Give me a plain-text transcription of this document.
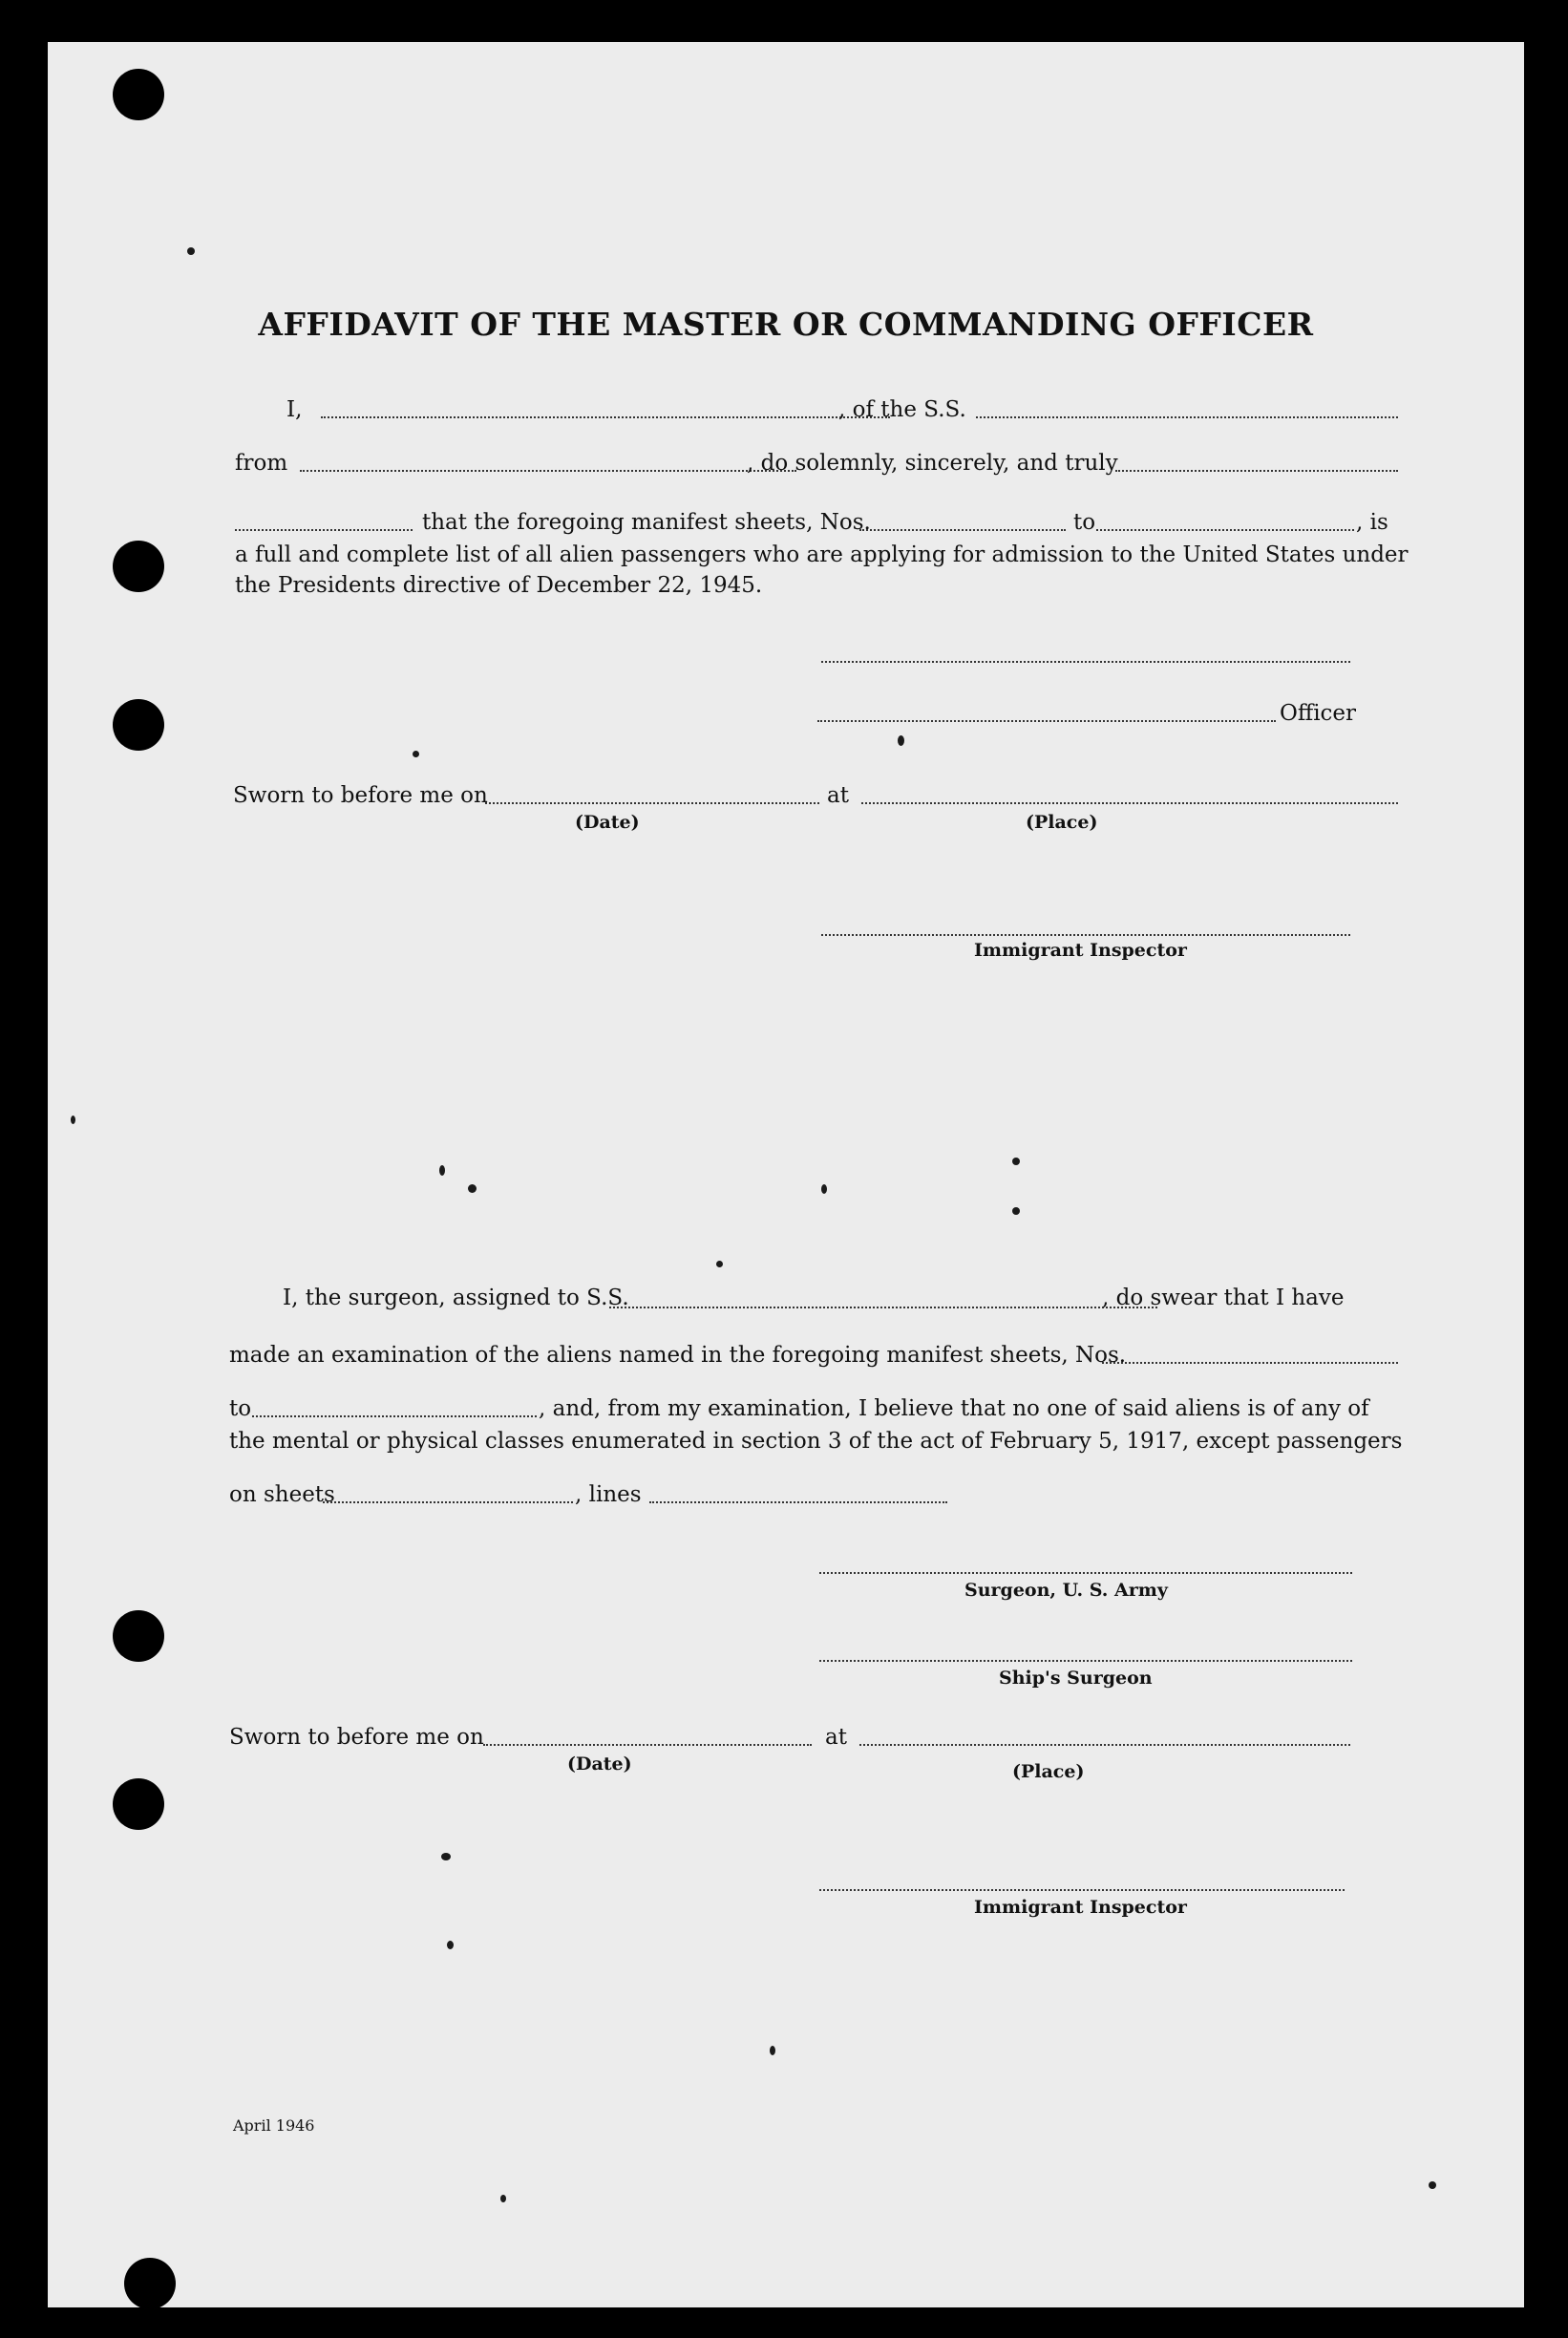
AFFIDAVIT OF THE MASTER OR COMMANDING OFFICER
I,	, of the S.S.
from	, do solemnly, sincerely, and truly
that the foregoing manifest sheets, Nos.	to	, is
a full and complete list of all alien passengers who are applying for admission to the United States under
the Presidents directive of December 22, 1945.
Officer
Sworn to before me on	at
(Date)	(Place)
Immigrant Inspector
I, the surgeon, assigned to S.S.	, do swear that I have
made an examination of the aliens named in the foregoing manifest sheets, Nos.
to	, and, from my examination, I believe that no one of said aliens is of any of
the mental or physical classes enumerated in section 3 of the act of February 5, 1917, except passengers
on sheets	, lines
Surgeon, U. S. Army
Ship's Surgeon
Sworn to before me on	at
(Date)	(Place)
Immigrant Inspector
April 1946
